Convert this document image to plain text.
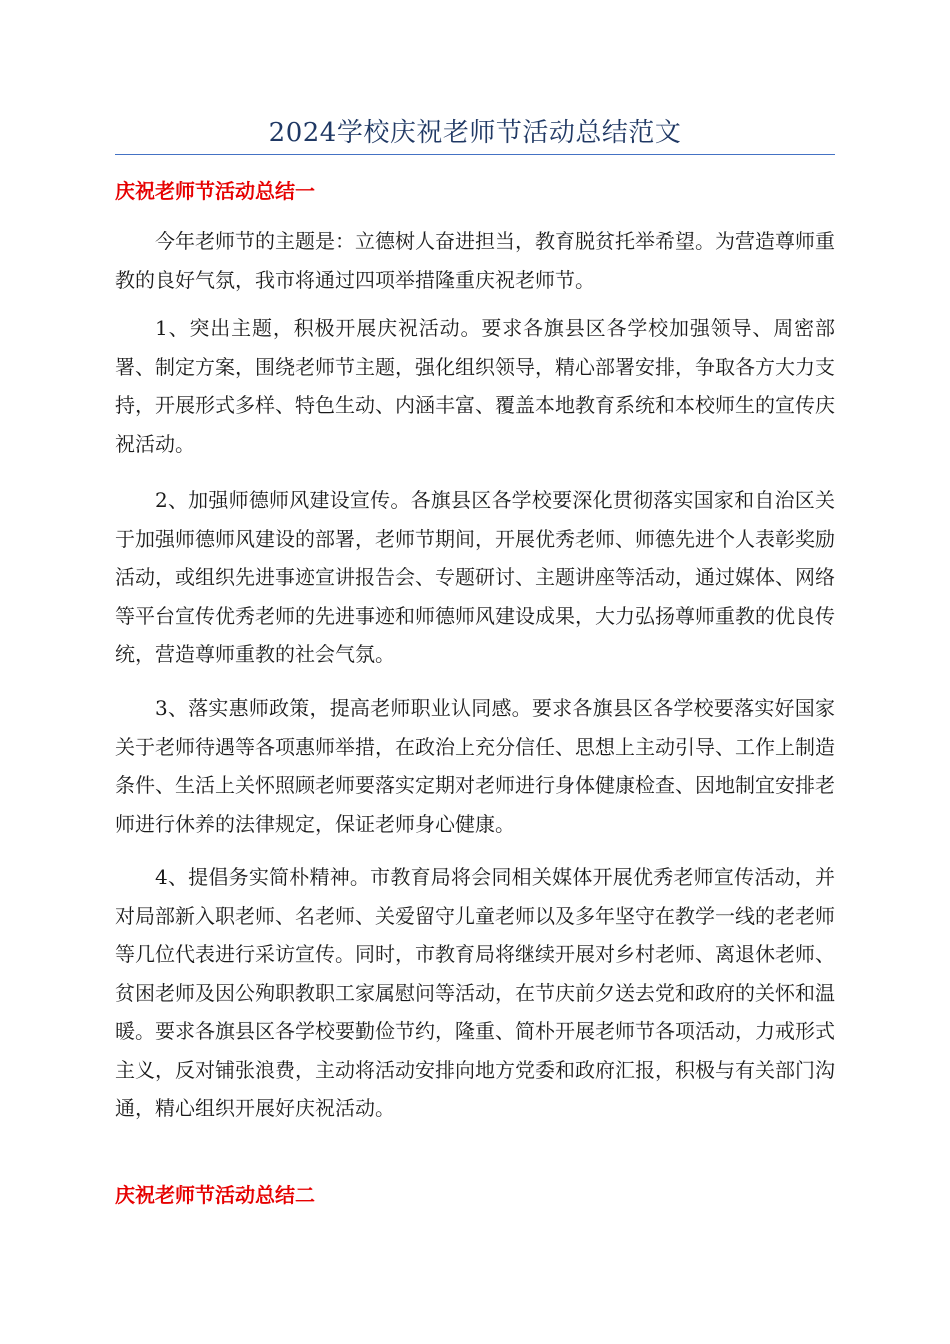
2024学校庆祝老师节活动总结范文
庆祝老师节活动总结一

今年老师节的主题是：立德树人奋进担当，教育脱贫托举希望。为营造尊师重教的良好气氛，我市将通过四项举措隆重庆祝老师节。

1、突出主题，积极开展庆祝活动。要求各旗县区各学校加强领导、周密部署、制定方案，围绕老师节主题，强化组织领导，精心部署安排，争取各方大力支持，开展形式多样、特色生动、内涵丰富、覆盖本地教育系统和本校师生的宣传庆祝活动。

2、加强师德师风建设宣传。各旗县区各学校要深化贯彻落实国家和自治区关于加强师德师风建设的部署，老师节期间，开展优秀老师、师德先进个人表彰奖励活动，或组织先进事迹宣讲报告会、专题研讨、主题讲座等活动，通过媒体、网络等平台宣传优秀老师的先进事迹和师德师风建设成果，大力弘扬尊师重教的优良传统，营造尊师重教的社会气氛。

3、落实惠师政策，提高老师职业认同感。要求各旗县区各学校要落实好国家关于老师待遇等各项惠师举措，在政治上充分信任、思想上主动引导、工作上制造条件、生活上关怀照顾老师要落实定期对老师进行身体健康检查、因地制宜安排老师进行休养的法律规定，保证老师身心健康。

4、提倡务实简朴精神。市教育局将会同相关媒体开展优秀老师宣传活动，并对局部新入职老师、名老师、关爱留守儿童老师以及多年坚守在教学一线的老老师等几位代表进行采访宣传。同时，市教育局将继续开展对乡村老师、离退休老师、贫困老师及因公殉职教职工家属慰问等活动，在节庆前夕送去党和政府的关怀和温暖。要求各旗县区各学校要勤俭节约，隆重、简朴开展老师节各项活动，力戒形式主义，反对铺张浪费，主动将活动安排向地方党委和政府汇报，积极与有关部门沟通，精心组织开展好庆祝活动。

庆祝老师节活动总结二
